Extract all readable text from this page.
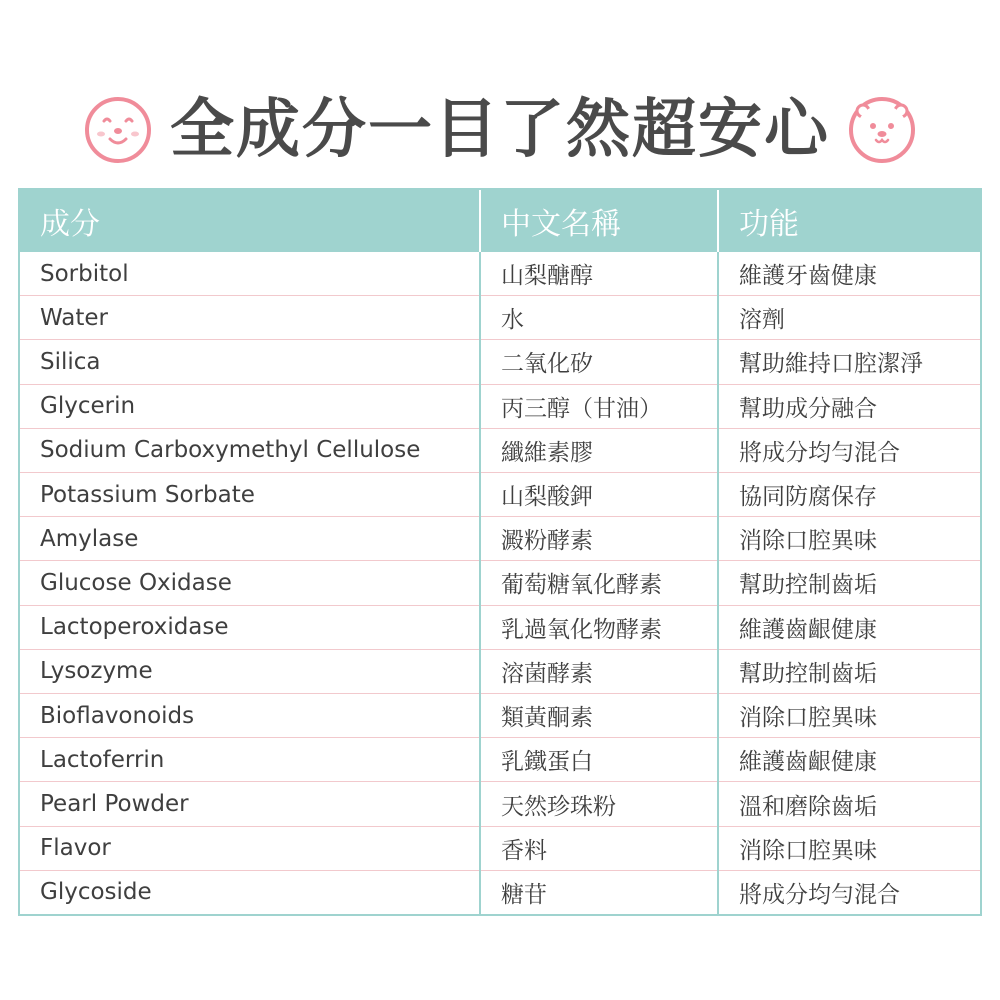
全成分一目了然超安心
成分	中文名稱	功能
Sorbitol	山梨醣醇	維護牙齒健康
Water	水	溶劑
Silica	二氧化矽	幫助維持口腔潔淨
Glycerin	丙三醇（甘油）	幫助成分融合
Sodium Carboxymethyl Cellulose	纖維素膠	將成分均勻混合
Potassium Sorbate	山梨酸鉀	協同防腐保存
Amylase	澱粉酵素	消除口腔異味
Glucose Oxidase	葡萄糖氧化酵素	幫助控制齒垢
Lactoperoxidase	乳過氧化物酵素	維護齒齦健康
Lysozyme	溶菌酵素	幫助控制齒垢
Bioflavonoids	類黃酮素	消除口腔異味
Lactoferrin	乳鐵蛋白	維護齒齦健康
Pearl Powder	天然珍珠粉	溫和磨除齒垢
Flavor	香料	消除口腔異味
Glycoside	糖苷	將成分均勻混合
